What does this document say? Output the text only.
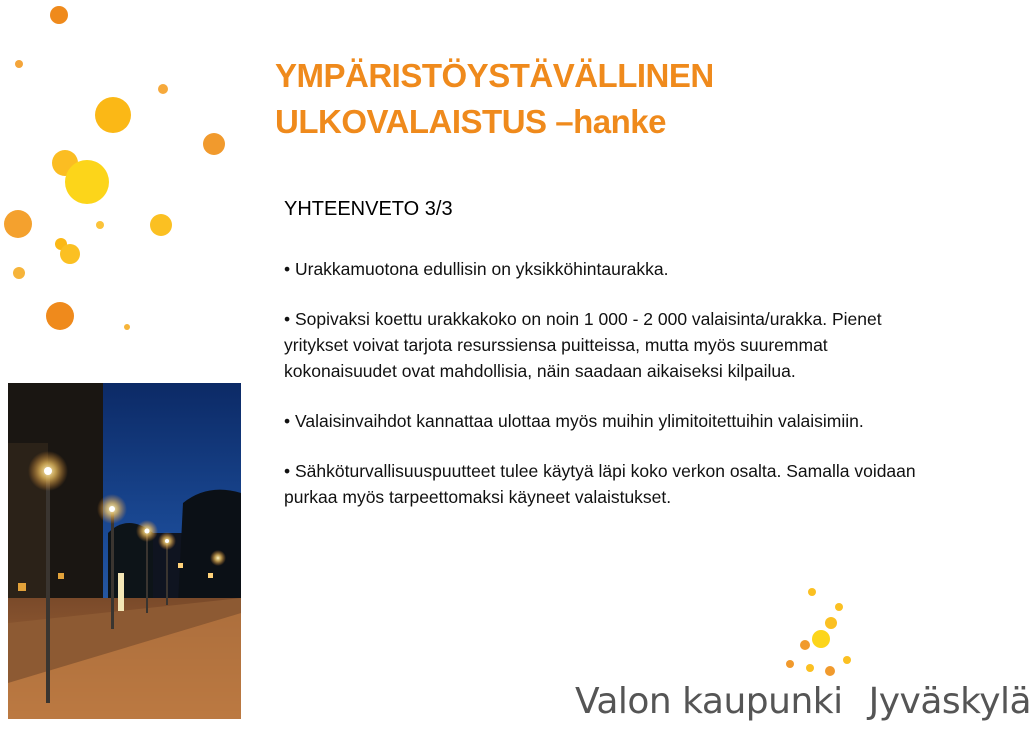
YMPÄRISTÖYSTÄVÄLLINEN
ULKOVALAISTUS –hanke
YHTEENVETO 3/3

• Urakkamuotona edullisin on yksikköhintaurakka.

• Sopivaksi koettu urakkakoko on noin 1 000 - 2 000 valaisinta/urakka. Pienet yritykset voivat tarjota resurssiensa puitteissa, mutta myös suuremmat kokonaisuudet ovat mahdollisia, näin saadaan aikaiseksi kilpailua.

• Valaisinvaihdot kannattaa ulottaa myös muihin ylimitoitettuihin valaisimiin.

• Sähköturvallisuuspuutteet tulee käytyä läpi koko verkon osalta. Samalla voidaan purkaa myös tarpeettomaksi käyneet valaistukset.

Valon kaupunki Jyväskylä
